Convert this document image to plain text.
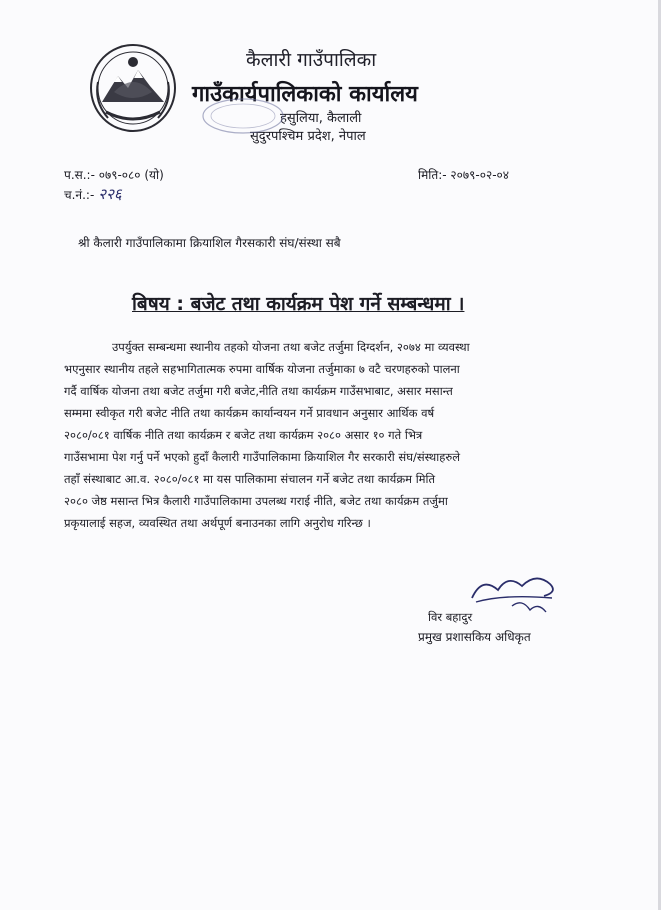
कैलारी गाउँपालिका
गाउँकार्यपालिकाको कार्यालय
हसुलिया, कैलाली
सुदुरपश्चिम प्रदेश, नेपाल
प.स.:- ०७९-०८० (यो)
च.नं.:- २२६
मिति:- २०७९-०२-०४
श्री कैलारी गाउँपालिकामा क्रियाशिल गैरसकारी संघ/संस्था सबै
बिषय : बजेट तथा कार्यक्रम पेश गर्ने सम्बन्धमा ।
उपर्युक्त सम्बन्धमा स्थानीय तहको योजना तथा बजेट तर्जुमा दिग्दर्शन, २०७४ मा व्यवस्था
भएनुसार स्थानीय तहले सहभागितात्मक रुपमा वार्षिक योजना तर्जुमाका ७ वटै चरणहरुको पालना
गर्दै वार्षिक योजना तथा बजेट तर्जुमा गरी बजेट,नीति तथा कार्यक्रम गाउँसभाबाट, असार मसान्त
सम्ममा स्वीकृत गरी बजेट नीति तथा कार्यक्रम कार्यान्वयन गर्ने प्रावधान अनुसार आर्थिक वर्ष
२०८०/०८१ वार्षिक नीति तथा कार्यक्रम र बजेट तथा कार्यक्रम २०८० असार १० गते भित्र
गाउँसभामा पेश गर्नु पर्ने भएको हुदाँ कैलारी गाउँपालिकामा क्रियाशिल गैर सरकारी संघ/संस्थाहरुले
तहाँ संस्थाबाट आ.व. २०८०/०८१ मा यस पालिकामा संचालन गर्ने बजेट तथा कार्यक्रम मिति
२०८० जेष्ठ मसान्त भित्र कैलारी गाउँपालिकामा उपलब्ध गराई नीति, बजेट तथा कार्यक्रम तर्जुमा
प्रकृयालाई सहज, व्यवस्थित तथा अर्थपूर्ण बनाउनका लागि अनुरोध गरिन्छ ।
विर बहादुर
प्रमुख प्रशासकिय अधिकृत
